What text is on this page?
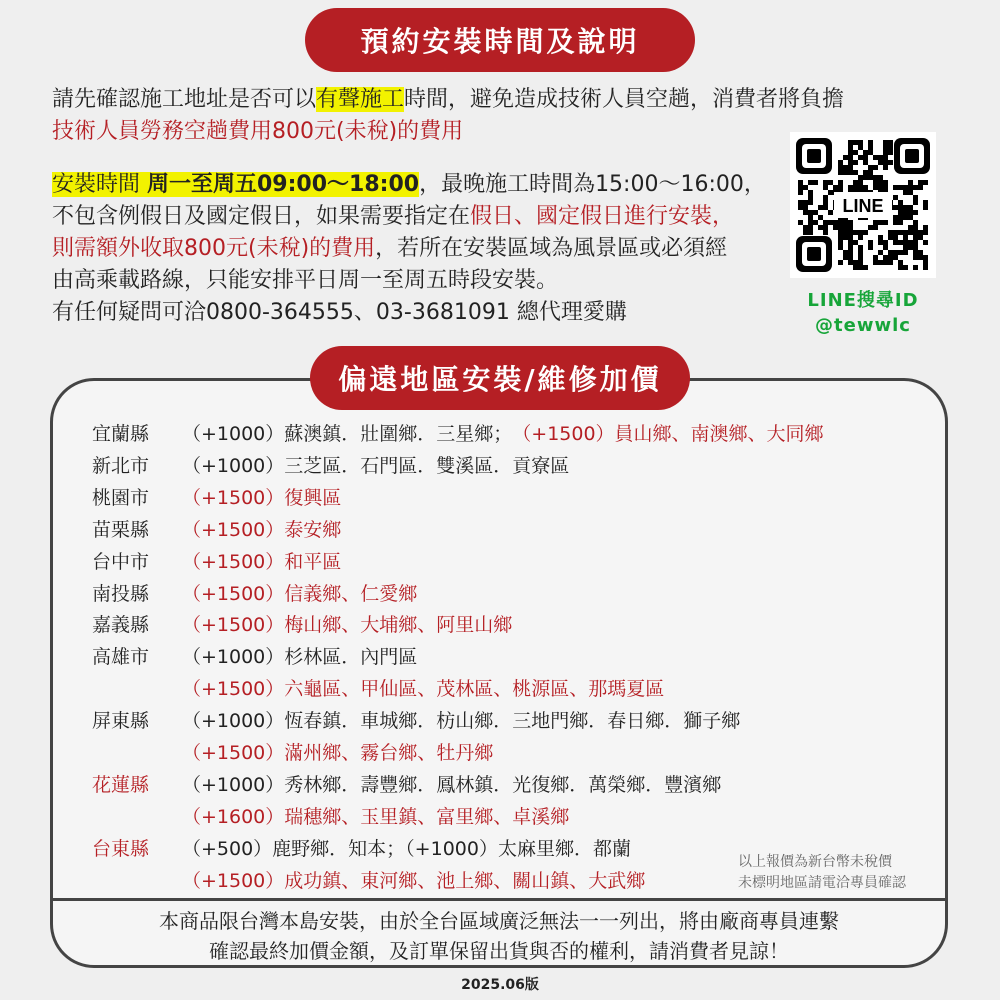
預約安裝時間及說明
請先確認施工地址是否可以有聲施工時間，避免造成技術人員空趟，消費者將負擔
技術人員勞務空趟費用800元(未稅)的費用
安裝時間 周一至周五09:00～18:00，最晚施工時間為15:00～16:00，
不包含例假日及國定假日，如果需要指定在假日、國定假日進行安裝，
則需額外收取800元(未稅)的費用，若所在安裝區域為風景區或必須經
由高乘載路線，只能安排平日周一至周五時段安裝。
有任何疑問可洽0800-364555、03-3681091 總代理愛購
LINE
LINE搜尋ID
@tewwlc
偏遠地區安裝/維修加價
宜蘭縣 （+1000）蘇澳鎮．壯圍鄉．三星鄉；（+1500）員山鄉、南澳鄉、大同鄉
新北市 （+1000）三芝區．石門區．雙溪區．貢寮區
桃園市 （+1500）復興區
苗栗縣 （+1500）泰安鄉
台中市 （+1500）和平區
南投縣 （+1500）信義鄉、仁愛鄉
嘉義縣 （+1500）梅山鄉、大埔鄉、阿里山鄉
高雄市 （+1000）杉林區．內門區
（+1500）六龜區、甲仙區、茂林區、桃源區、那瑪夏區
屏東縣 （+1000）恆春鎮．車城鄉．枋山鄉．三地門鄉．春日鄉．獅子鄉
（+1500）滿州鄉、霧台鄉、牡丹鄉
花蓮縣 （+1000）秀林鄉．壽豐鄉．鳳林鎮．光復鄉．萬榮鄉．豐濱鄉
（+1600）瑞穗鄉、玉里鎮、富里鄉、卓溪鄉
台東縣 （+500）鹿野鄉．知本；（+1000）太麻里鄉．都蘭
（+1500）成功鎮、東河鄉、池上鄉、關山鎮、大武鄉
以上報價為新台幣未稅價
未標明地區請電洽專員確認
本商品限台灣本島安裝，由於全台區域廣泛無法一一列出，將由廠商專員連繫
確認最終加價金額，及訂單保留出貨與否的權利，請消費者見諒！
2025.06版
